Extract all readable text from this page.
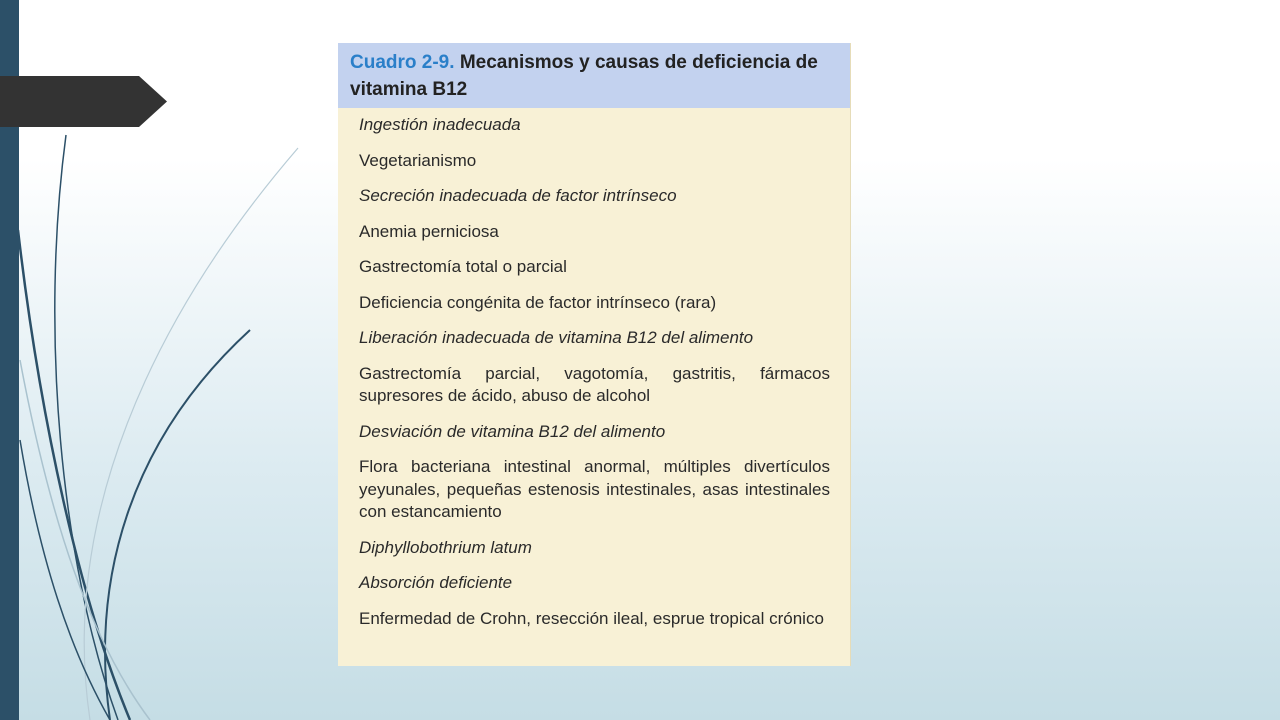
Cuadro 2-9. Mecanismos y causas de deficiencia de vitamina B12
Ingestión inadecuada
Vegetarianismo
Secreción inadecuada de factor intrínseco
Anemia perniciosa
Gastrectomía total o parcial
Deficiencia congénita de factor intrínseco (rara)
Liberación inadecuada de vitamina B12 del alimento
Gastrectomía parcial, vagotomía, gastritis, fármacos supresores de ácido, abuso de alcohol
Desviación de vitamina B12 del alimento
Flora bacteriana intestinal anormal, múltiples divertículos yeyunales, pequeñas estenosis intestinales, asas intestinales con estancamiento
Diphyllobothrium latum
Absorción deficiente
Enfermedad de Crohn, resección ileal, esprue tropical crónico
